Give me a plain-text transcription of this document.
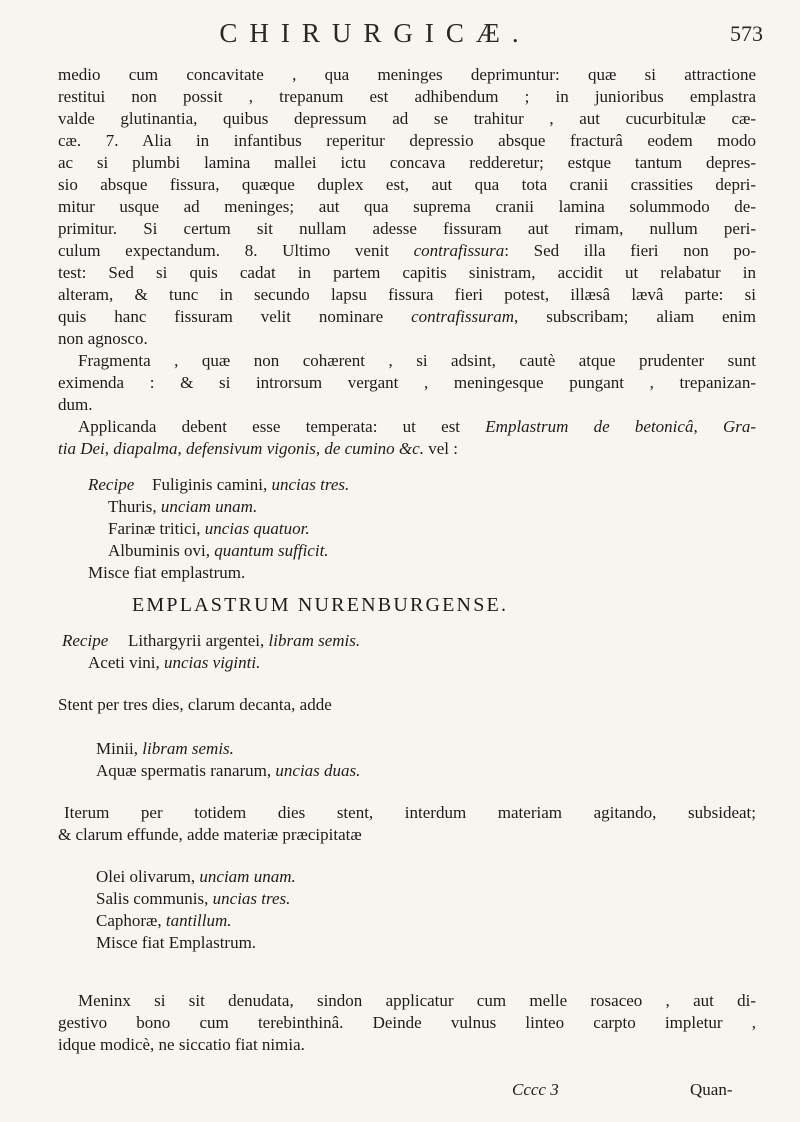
CHIRURGICÆ.	573
medio cum concavitate , qua meninges deprimuntur: quæ si attractione
restitui non possit , trepanum est adhibendum ; in junioribus emplastra
valde glutinantia, quibus depressum ad se trahitur , aut cucurbitulæ cæ-
cæ. 7. Alia in infantibus reperitur depressio absque fracturâ eodem modo
ac si plumbi lamina mallei ictu concava redderetur; estque tantum depres-
sio absque fissura, quæque duplex est, aut qua tota cranii crassities depri-
mitur usque ad meninges; aut qua suprema cranii lamina solummodo de-
primitur. Si certum sit nullam adesse fissuram aut rimam, nullum peri-
culum expectandum. 8. Ultimo venit contrafissura: Sed illa fieri non po-
test: Sed si quis cadat in partem capitis sinistram, accidit ut relabatur in
alteram, & tunc in secundo lapsu fissura fieri potest, illæsâ lævâ parte: si
quis hanc fissuram velit nominare contrafissuram, subscribam; aliam enim
non agnosco.
Fragmenta , quæ non cohærent , si adsint, cautè atque prudenter sunt
eximenda : & si introrsum vergant , meningesque pungant , trepanizan-
dum.
Applicanda debent esse temperata: ut est Emplastrum de betonicâ, Gra-
tia Dei, diapalma, defensivum vigonis, de cumino &c. vel :
Recipe Fuliginis camini, uncias tres.
Thuris, unciam unam.
Farinæ tritici, uncias quatuor.
Albuminis ovi, quantum sufficit.
Misce fiat emplastrum.
EMPLASTRUM NURENBURGENSE.
Recipe Lithargyrii argentei, libram semis.
Aceti vini, uncias viginti.
Stent per tres dies, clarum decanta, adde
Minii, libram semis.
Aquæ spermatis ranarum, uncias duas.
Iterum per totidem dies stent, interdum materiam agitando, subsideat;
& clarum effunde, adde materiæ præcipitatæ
Olei olivarum, unciam unam.
Salis communis, uncias tres.
Caphoræ, tantillum.
Misce fiat Emplastrum.
Meninx si sit denudata, sindon applicatur cum melle rosaceo , aut di-
gestivo bono cum terebinthinâ. Deinde vulnus linteo carpto impletur ,
idque modicè, ne siccatio fiat nimia.
Cccc 3	Quan-
